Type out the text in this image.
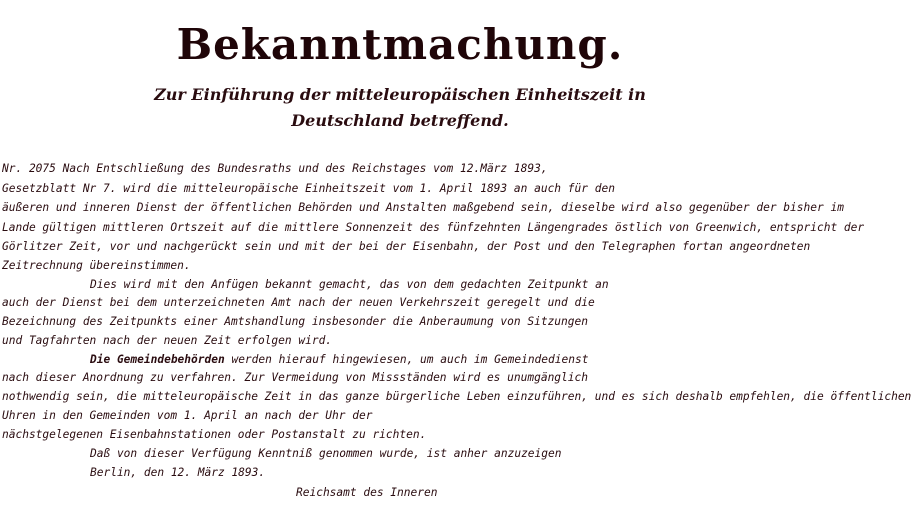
Bekanntmachung.
Zur Einführung der mitteleuropäischen Einheitszeit in
Deutschland betreffend.
Nr. 2075 Nach Entschließung des Bundesraths und des Reichstages vom 12.März 1893,
Gesetzblatt Nr 7. wird die mitteleuropäische Einheitszeit vom 1. April 1893 an auch für den
äußeren und inneren Dienst der öffentlichen Behörden und Anstalten maßgebend sein, dieselbe wird also gegenüber der bisher im
Lande gültigen mittleren Ortszeit auf die mittlere Sonnenzeit des fünfzehnten Längengrades östlich von Greenwich, entspricht der
Görlitzer Zeit, vor und nachgerückt sein und mit der bei der Eisenbahn, der Post und den Telegraphen fortan angeordneten
Zeitrechnung übereinstimmen.
Dies wird mit den Anfügen bekannt gemacht, das von dem gedachten Zeitpunkt an
auch der Dienst bei dem unterzeichneten Amt nach der neuen Verkehrszeit geregelt und die
Bezeichnung des Zeitpunkts einer Amtshandlung insbesonder die Anberaumung von Sitzungen
und Tagfahrten nach der neuen Zeit erfolgen wird.
Die Gemeindebehörden werden hierauf hingewiesen, um auch im Gemeindedienst
nach dieser Anordnung zu verfahren. Zur Vermeidung von Missständen wird es unumgänglich
nothwendig sein, die mitteleuropäische Zeit in das ganze bürgerliche Leben einzuführen, und es sich deshalb empfehlen, die öffentlichen
Uhren in den Gemeinden vom 1. April an nach der Uhr der
nächstgelegenen Eisenbahnstationen oder Postanstalt zu richten.
Daß von dieser Verfügung Kenntniß genommen wurde, ist anher anzuzeigen
Berlin, den 12. März 1893.
Reichsamt des Inneren
